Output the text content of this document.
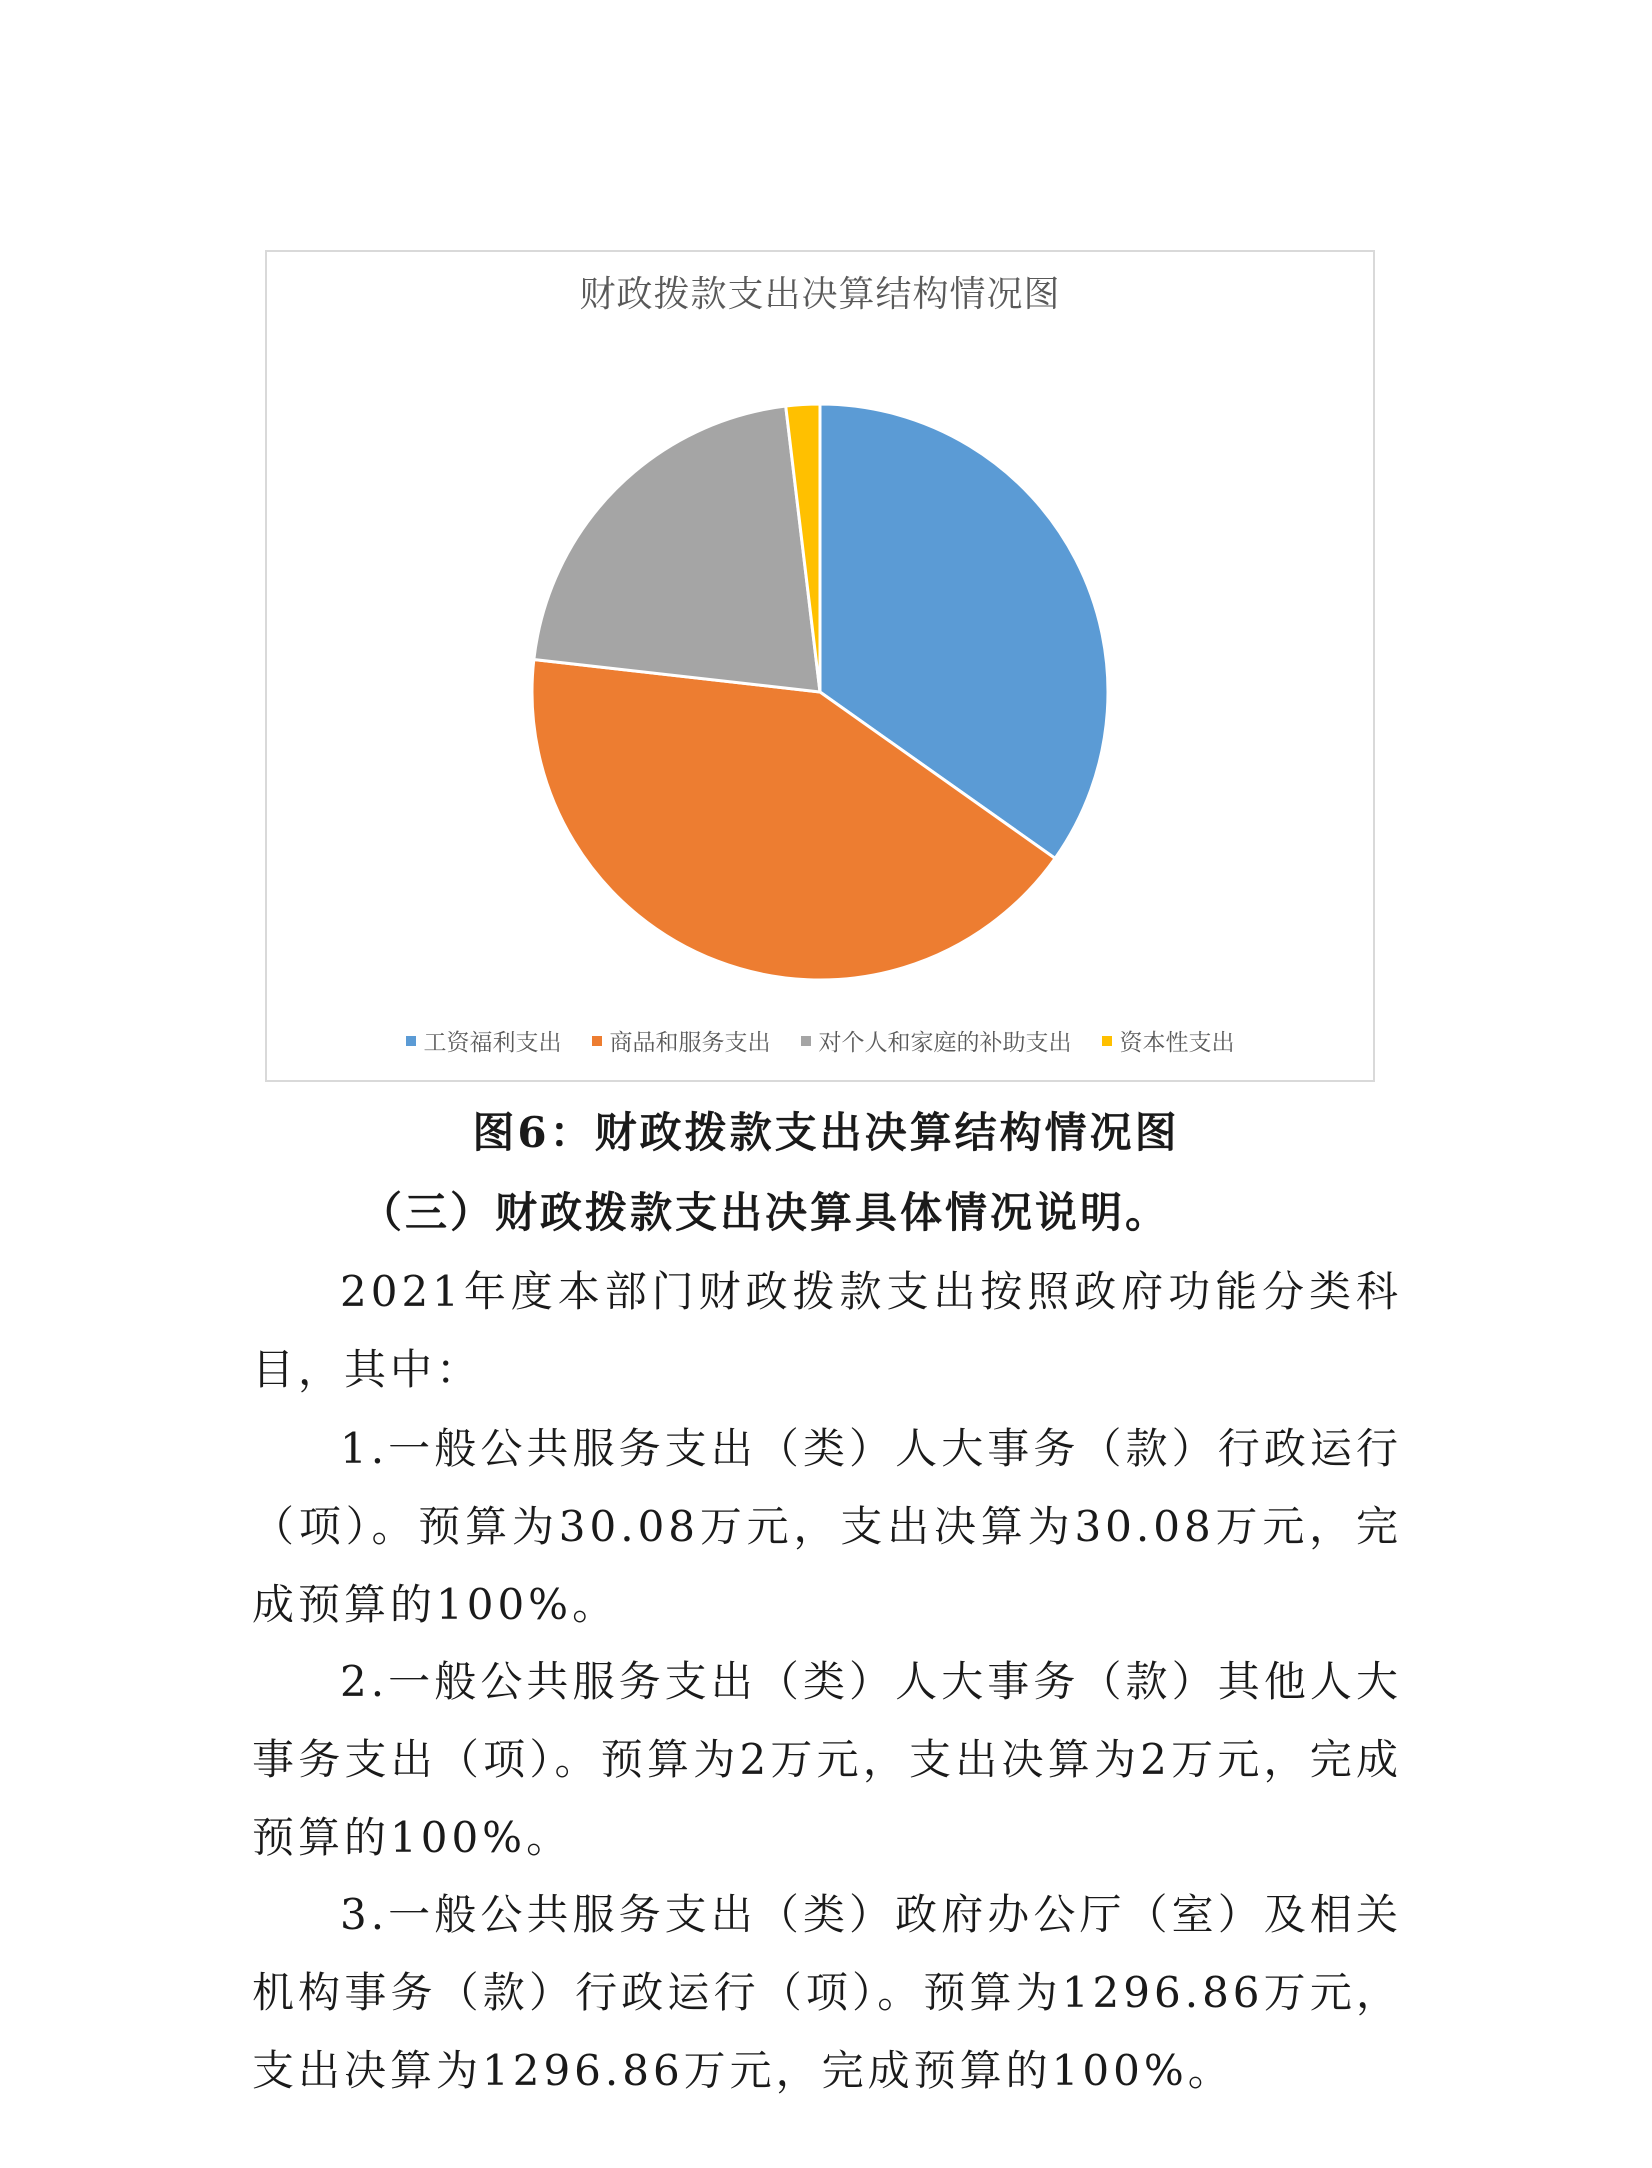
财政拨款支出决算结构情况图
工资福利支出 商品和服务支出 对个人和家庭的补助支出 资本性支出
图6：财政拨款支出决算结构情况图
（三）财政拨款支出决算具体情况说明。

2021年度本部门财政拨款支出按照政府功能分类科目，其中：

1.一般公共服务支出（类）人大事务（款）行政运行（项）。预算为30.08万元，支出决算为30.08万元，完成预算的100%。

2.一般公共服务支出（类）人大事务（款）其他人大事务支出（项）。预算为2万元，支出决算为2万元，完成预算的100%。

3.一般公共服务支出（类）政府办公厅（室）及相关机构事务（款）行政运行（项）。预算为1296.86万元，支出决算为1296.86万元，完成预算的100%。
